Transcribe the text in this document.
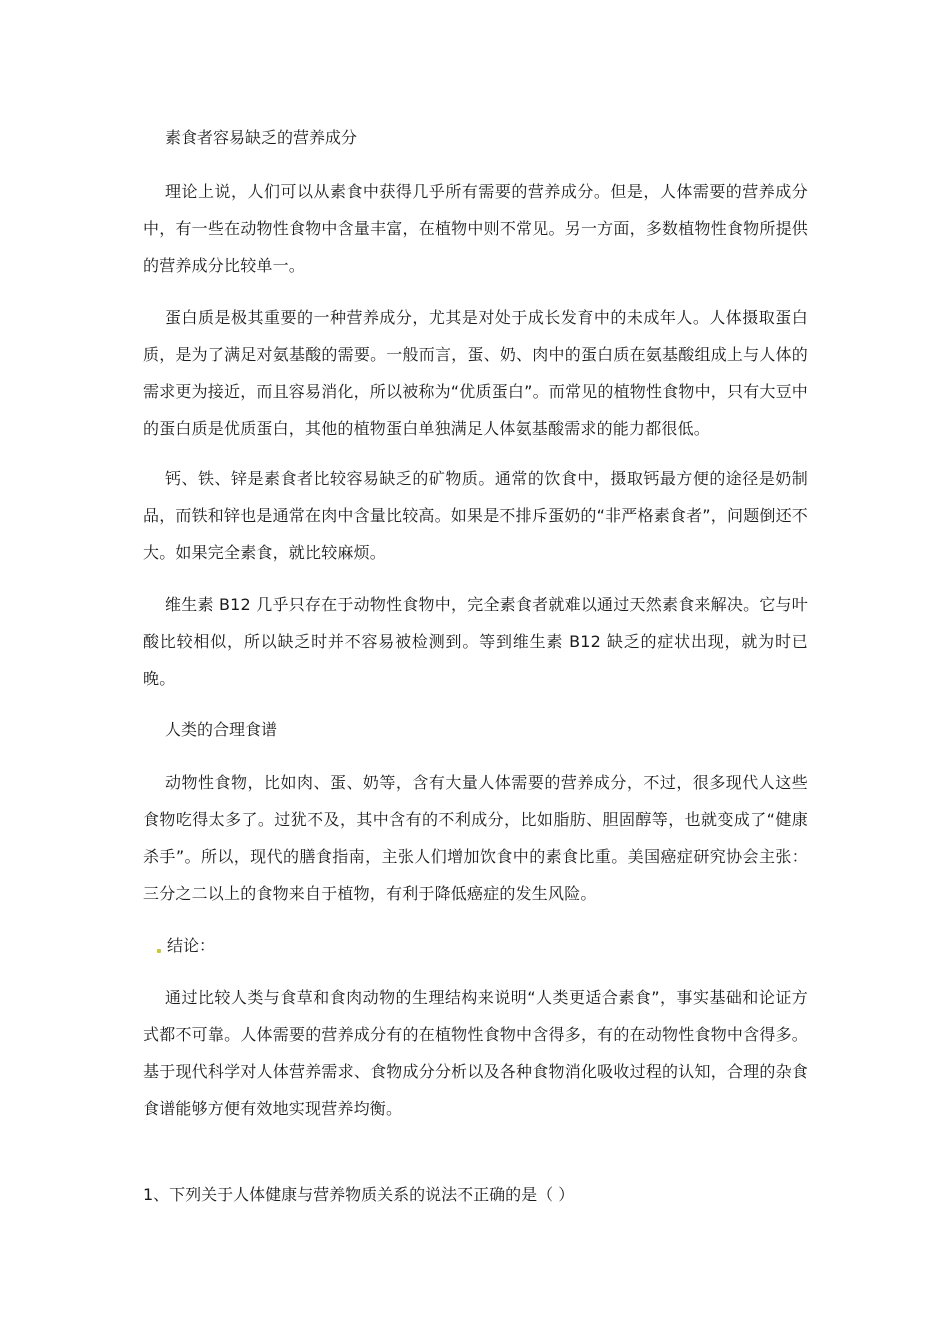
素食者容易缺乏的营养成分

理论上说，人们可以从素食中获得几乎所有需要的营养成分。但是，人体需要的营养成分中，有一些在动物性食物中含量丰富，在植物中则不常见。另一方面，多数植物性食物所提供的营养成分比较单一。

蛋白质是极其重要的一种营养成分，尤其是对处于成长发育中的未成年人。人体摄取蛋白质，是为了满足对氨基酸的需要。一般而言，蛋、奶、肉中的蛋白质在氨基酸组成上与人体的需求更为接近，而且容易消化，所以被称为“优质蛋白”。而常见的植物性食物中，只有大豆中的蛋白质是优质蛋白，其他的植物蛋白单独满足人体氨基酸需求的能力都很低。

钙、铁、锌是素食者比较容易缺乏的矿物质。通常的饮食中，摄取钙最方便的途径是奶制品，而铁和锌也是通常在肉中含量比较高。如果是不排斥蛋奶的“非严格素食者”，问题倒还不大。如果完全素食，就比较麻烦。

维生素 B12 几乎只存在于动物性食物中，完全素食者就难以通过天然素食来解决。它与叶酸比较相似，所以缺乏时并不容易被检测到。等到维生素 B12 缺乏的症状出现，就为时已晚。

人类的合理食谱

动物性食物，比如肉、蛋、奶等，含有大量人体需要的营养成分，不过，很多现代人这些食物吃得太多了。过犹不及，其中含有的不利成分，比如脂肪、胆固醇等，也就变成了“健康杀手”。所以，现代的膳食指南，主张人们增加饮食中的素食比重。美国癌症研究协会主张：三分之二以上的食物来自于植物，有利于降低癌症的发生风险。

结论：

通过比较人类与食草和食肉动物的生理结构来说明“人类更适合素食”，事实基础和论证方式都不可靠。人体需要的营养成分有的在植物性食物中含得多，有的在动物性食物中含得多。基于现代科学对人体营养需求、食物成分分析以及各种食物消化吸收过程的认知，合理的杂食食谱能够方便有效地实现营养均衡。

1、下列关于人体健康与营养物质关系的说法不正确的是（ ）
